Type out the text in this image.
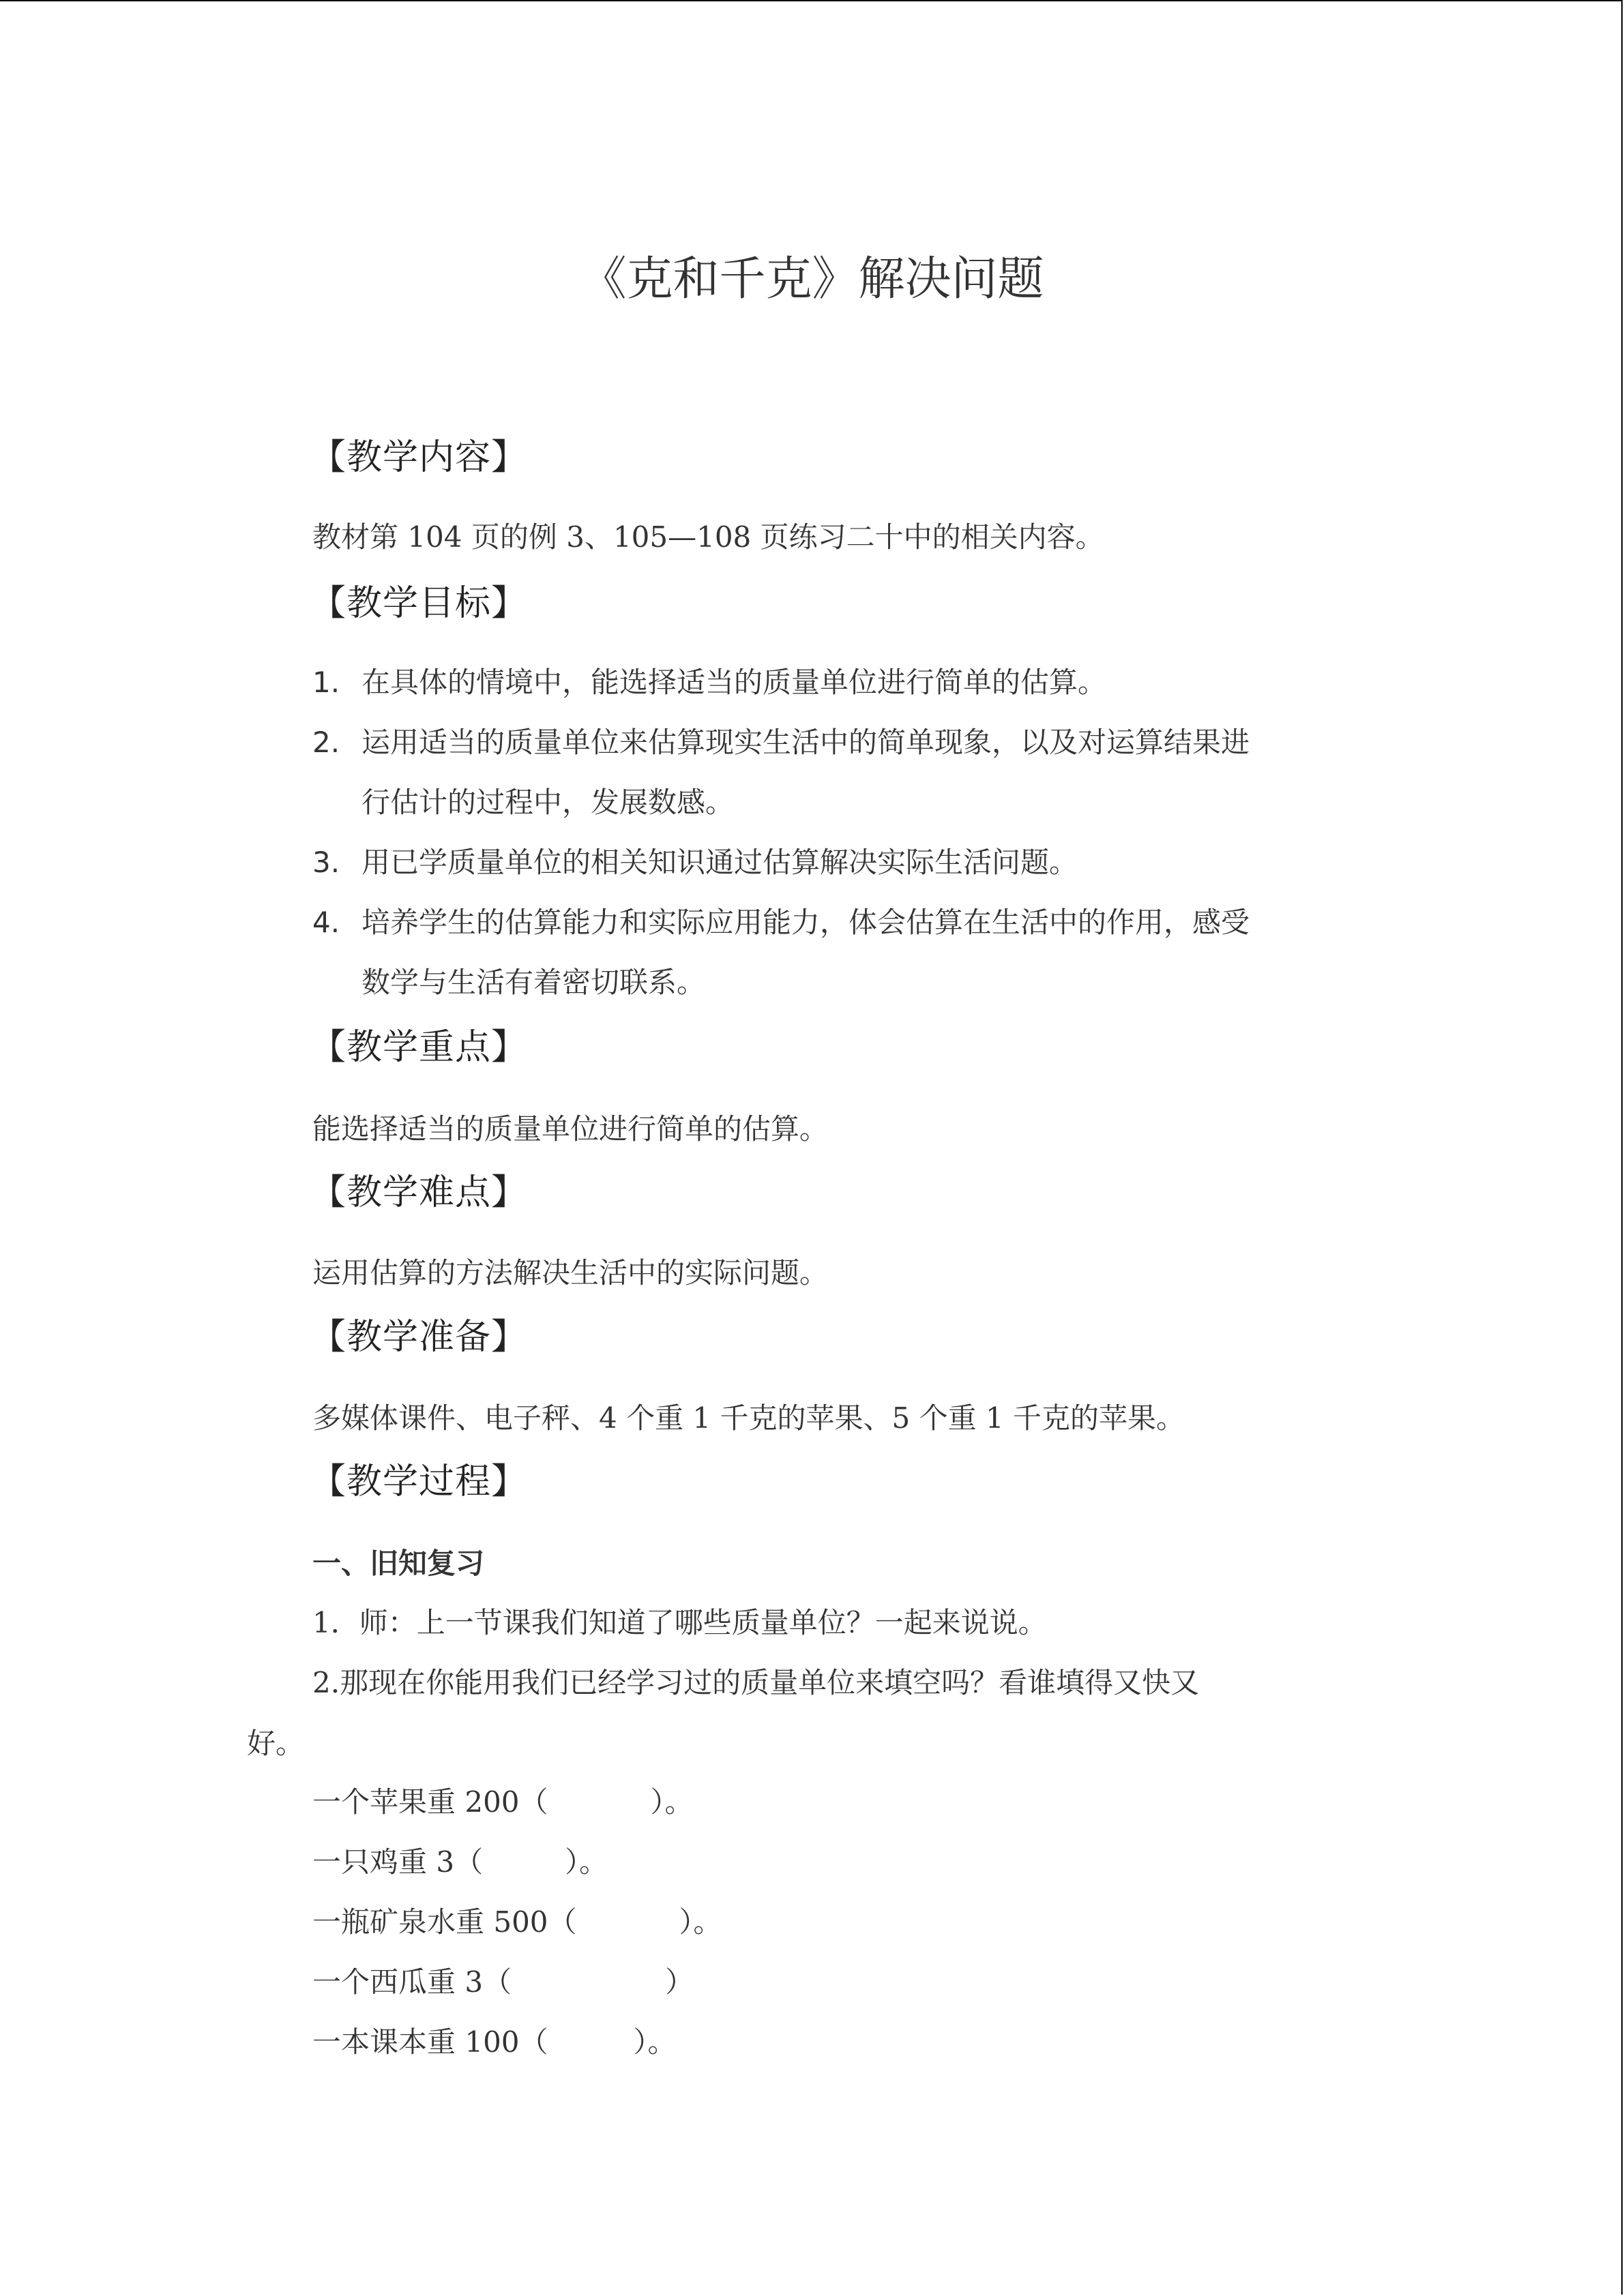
《克和千克》解决问题
【教学内容】
教材第 104 页的例 3、105—108 页练习二十中的相关内容。
【教学目标】
1. 在具体的情境中，能选择适当的质量单位进行简单的估算。
2. 运用适当的质量单位来估算现实生活中的简单现象，以及对运算结果进
行估计的过程中，发展数感。
3. 用已学质量单位的相关知识通过估算解决实际生活问题。
4. 培养学生的估算能力和实际应用能力，体会估算在生活中的作用，感受
数学与生活有着密切联系。
【教学重点】
能选择适当的质量单位进行简单的估算。
【教学难点】
运用估算的方法解决生活中的实际问题。
【教学准备】
多媒体课件、电子秤、4 个重 1 千克的苹果、5 个重 1 千克的苹果。
【教学过程】
一、旧知复习
1．师：上一节课我们知道了哪些质量单位？一起来说说。
2.那现在你能用我们已经学习过的质量单位来填空吗？看谁填得又快又
好。
一个苹果重 200（	）。
一只鸡重 3（	）。
一瓶矿泉水重 500（	）。
一个西瓜重 3（	）
一本课本重 100（	）。
